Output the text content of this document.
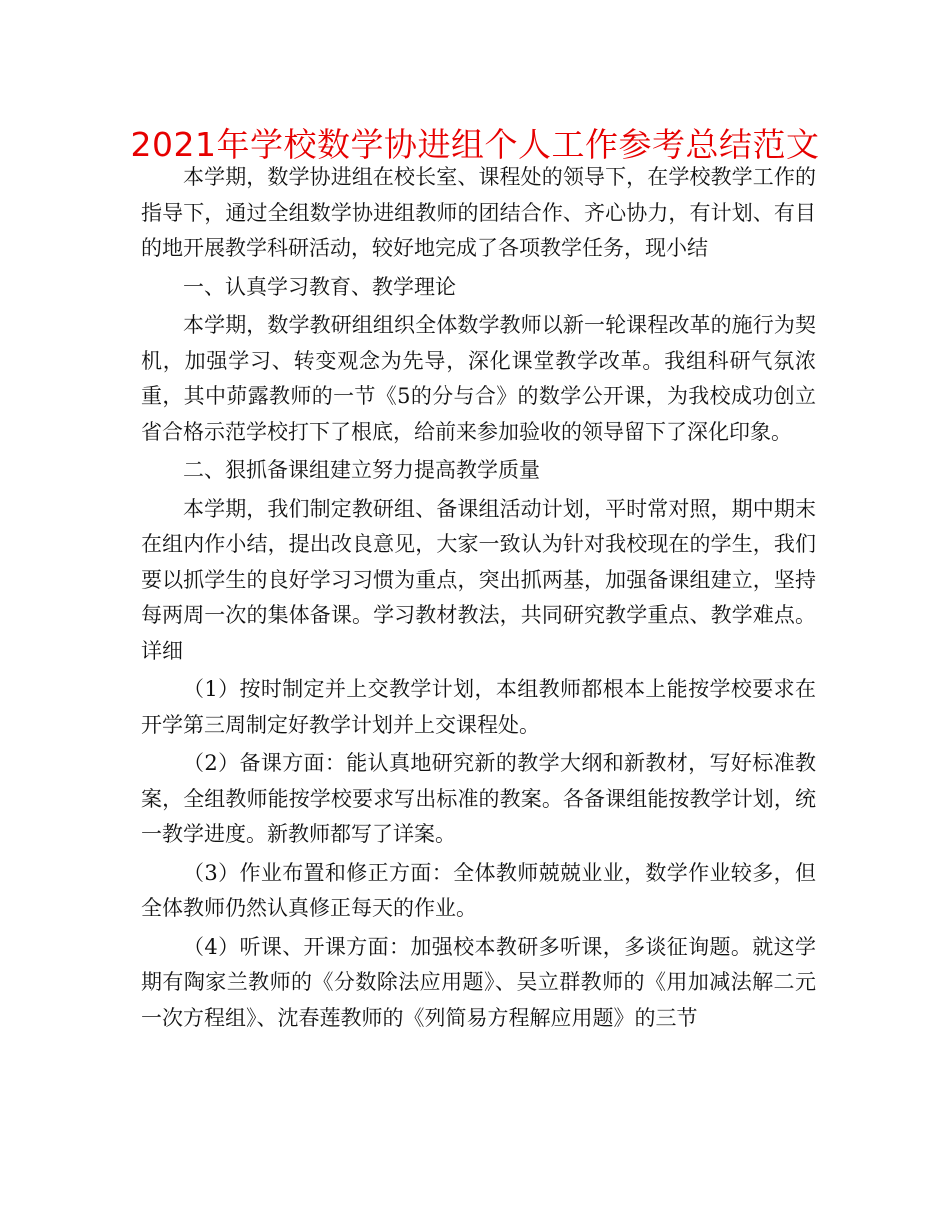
2021年学校数学协进组个人工作参考总结范文

本学期，数学协进组在校长室、课程处的领导下，在学校教学工作的指导下，通过全组数学协进组教师的团结合作、齐心协力，有计划、有目的地开展教学科研活动，较好地完成了各项教学任务，现小结

一、认真学习教育、教学理论

本学期，数学教研组组织全体数学教师以新一轮课程改革的施行为契机，加强学习、转变观念为先导，深化课堂教学改革。我组科研气氛浓重，其中茆露教师的一节《5的分与合》的数学公开课，为我校成功创立省合格示范学校打下了根底，给前来参加验收的领导留下了深化印象。

二、狠抓备课组建立努力提高教学质量

本学期，我们制定教研组、备课组活动计划，平时常对照，期中期末在组内作小结，提出改良意见，大家一致认为针对我校现在的学生，我们要以抓学生的良好学习习惯为重点，突出抓两基，加强备课组建立，坚持每两周一次的集体备课。学习教材教法，共同研究教学重点、教学难点。详细

（1）按时制定并上交教学计划，本组教师都根本上能按学校要求在开学第三周制定好教学计划并上交课程处。

（2）备课方面：能认真地研究新的教学大纲和新教材，写好标准教案，全组教师能按学校要求写出标准的教案。各备课组能按教学计划，统一教学进度。新教师都写了详案。

（3）作业布置和修正方面：全体教师兢兢业业，数学作业较多，但全体教师仍然认真修正每天的作业。

（4）听课、开课方面：加强校本教研多听课，多谈征询题。就这学期有陶家兰教师的《分数除法应用题》、吴立群教师的《用加减法解二元一次方程组》、沈春莲教师的《列简易方程解应用题》的三节
